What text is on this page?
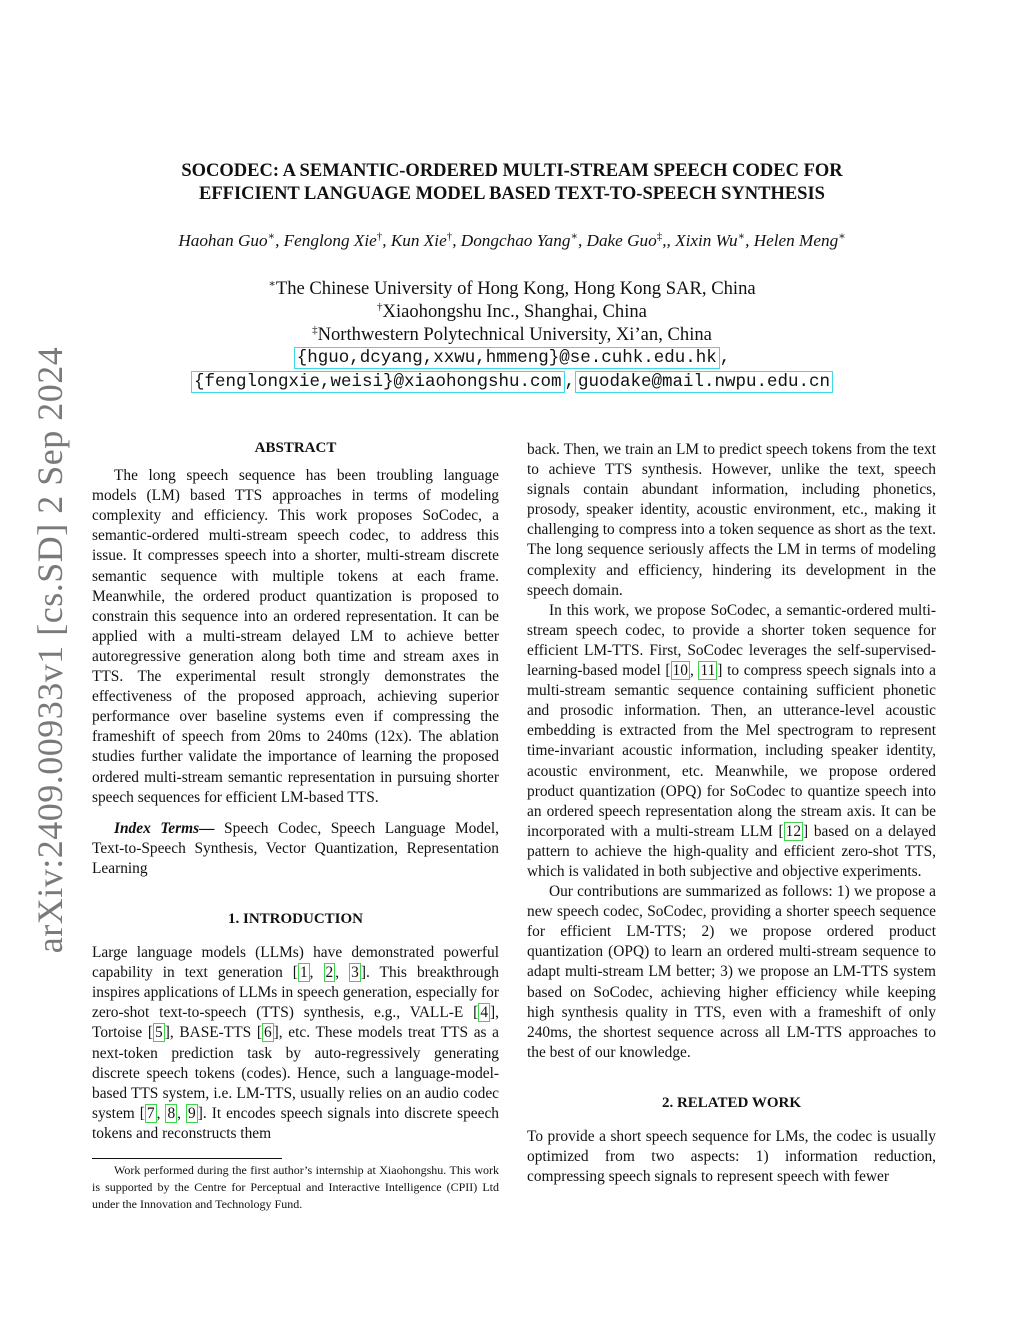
arXiv:2409.00933v1 [cs.SD] 2 Sep 2024
SOCODEC: A SEMANTIC-ORDERED MULTI-STREAM SPEECH CODEC FOR
EFFICIENT LANGUAGE MODEL BASED TEXT-TO-SPEECH SYNTHESIS
Haohan Guo∗, Fenglong Xie†, Kun Xie†, Dongchao Yang∗, Dake Guo‡,, Xixin Wu∗, Helen Meng∗
∗The Chinese University of Hong Kong, Hong Kong SAR, China
†Xiaohongshu Inc., Shanghai, China
‡Northwestern Polytechnical University, Xi’an, China
{hguo,dcyang,xxwu,hmmeng}@se.cuhk.edu.hk ,
{fenglongxie,weisi}@xiaohongshu.com , guodake@mail.nwpu.edu.cn
ABSTRACT

The long speech sequence has been troubling language models (LM) based TTS approaches in terms of modeling complexity and efficiency. This work proposes SoCodec, a semantic-ordered multi-stream speech codec, to address this issue. It compresses speech into a shorter, multi-stream discrete semantic sequence with multiple tokens at each frame. Meanwhile, the ordered product quantization is proposed to constrain this sequence into an ordered representation. It can be applied with a multi-stream delayed LM to achieve better autoregressive generation along both time and stream axes in TTS. The experimental result strongly demonstrates the effectiveness of the proposed approach, achieving superior performance over baseline systems even if compressing the frameshift of speech from 20ms to 240ms (12x). The ablation studies further validate the importance of learning the proposed ordered multi-stream semantic representation in pursuing shorter speech sequences for efficient LM-based TTS.

Index Terms— Speech Codec, Speech Language Model, Text-to-Speech Synthesis, Vector Quantization, Representation Learning

1. INTRODUCTION

Large language models (LLMs) have demonstrated powerful capability in text generation [ 1 , 2 , 3 ]. This breakthrough inspires applications of LLMs in speech generation, especially for zero-shot text-to-speech (TTS) synthesis, e.g., VALL-E [ 4 ], Tortoise [ 5 ], BASE-TTS [ 6 ], etc. These models treat TTS as a next-token prediction task by auto-regressively generating discrete speech tokens (codes). Hence, such a language-model-based TTS system, i.e. LM-TTS, usually relies on an audio codec system [ 7 , 8 , 9 ]. It encodes speech signals into discrete speech tokens and reconstructs them

Work performed during the first author’s internship at Xiaohongshu. This work is supported by the Centre for Perceptual and Interactive Intelligence (CPII) Ltd under the Innovation and Technology Fund.

back. Then, we train an LM to predict speech tokens from the text to achieve TTS synthesis. However, unlike the text, speech signals contain abundant information, including phonetics, prosody, speaker identity, acoustic environment, etc., making it challenging to compress into a token sequence as short as the text. The long sequence seriously affects the LM in terms of modeling complexity and efficiency, hindering its development in the speech domain.

In this work, we propose SoCodec, a semantic-ordered multi-stream speech codec, to provide a shorter token sequence for efficient LM-TTS. First, SoCodec leverages the self-supervised-learning-based model [ 10 , 11 ] to compress speech signals into a multi-stream semantic sequence containing sufficient phonetic and prosodic information. Then, an utterance-level acoustic embedding is extracted from the Mel spectrogram to represent time-invariant acoustic information, including speaker identity, acoustic environment, etc. Meanwhile, we propose ordered product quantization (OPQ) for SoCodec to quantize speech into an ordered speech representation along the stream axis. It can be incorporated with a multi-stream LLM [ 12 ] based on a delayed pattern to achieve the high-quality and efficient zero-shot TTS, which is validated in both subjective and objective experiments.

Our contributions are summarized as follows: 1) we propose a new speech codec, SoCodec, providing a shorter speech sequence for efficient LM-TTS; 2) we propose ordered product quantization (OPQ) to learn an ordered multi-stream sequence to adapt multi-stream LM better; 3) we propose an LM-TTS system based on SoCodec, achieving higher efficiency while keeping high synthesis quality in TTS, even with a frameshift of only 240ms, the shortest sequence across all LM-TTS approaches to the best of our knowledge.

2. RELATED WORK

To provide a short speech sequence for LMs, the codec is usually optimized from two aspects: 1) information reduction, compressing speech signals to represent speech with fewer
